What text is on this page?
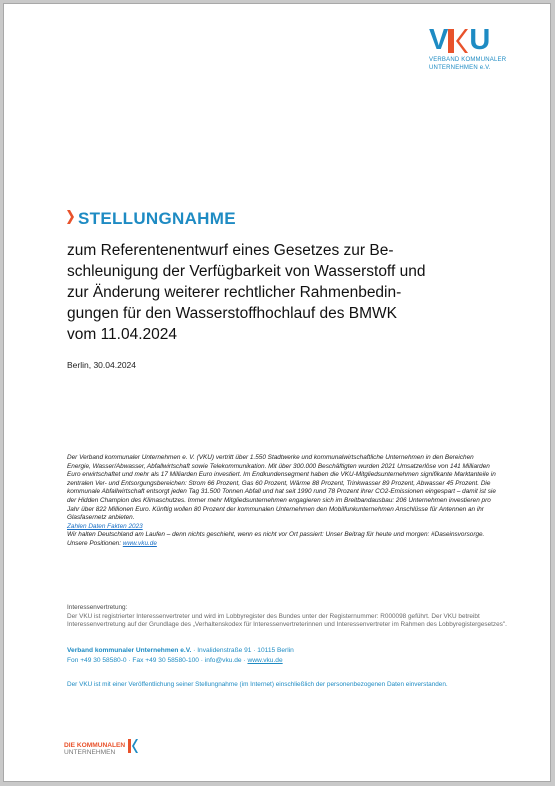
V U
VERBAND KOMMUNALER
UNTERNEHMEN e.V.
STELLUNGNAHME

zum Referentenentwurf eines Gesetzes zur Be-
schleunigung der Verfügbarkeit von Wasserstoff und
zur Änderung weiterer rechtlicher Rahmenbedin-
gungen für den Wasserstoffhochlauf des BMWK
vom 11.04.2024

Berlin, 30.04.2024

Der Verband kommunaler Unternehmen e. V. (VKU) vertritt über 1.550 Stadtwerke und kommunalwirtschaftliche Unternehmen in den Bereichen Energie, Wasser/Abwasser, Abfallwirtschaft sowie Telekommunikation. Mit über 300.000 Beschäftigten wurden 2021 Umsatzerlöse von 141 Milliarden Euro erwirtschaftet und mehr als 17 Milliarden Euro investiert. Im Endkundensegment haben die VKU-Mitgliedsunternehmen signifikante Marktanteile in zentralen Ver- und Entsorgungsbereichen: Strom 66 Prozent, Gas 60 Prozent, Wärme 88 Prozent, Trinkwasser 89 Prozent, Abwasser 45 Prozent. Die kommunale Abfallwirtschaft entsorgt jeden Tag 31.500 Tonnen Abfall und hat seit 1990 rund 78 Prozent ihrer CO2-Emissionen eingespart – damit ist sie der Hidden Champion des Klimaschutzes. Immer mehr Mitgliedsunternehmen engagieren sich im Breitbandausbau: 206 Unternehmen investieren pro Jahr über 822 Millionen Euro. Künftig wollen 80 Prozent der kommunalen Unternehmen den Mobilfunkunternehmen Anschlüsse für Antennen an ihr Glasfasernetz anbieten.

Zahlen Daten Fakten 2023

Wir halten Deutschland am Laufen – denn nichts geschieht, wenn es nicht vor Ort passiert: Unser Beitrag für heute und morgen: #Daseinsvorsorge. Unsere Positionen: www.vku.de

Interessenvertretung:

Der VKU ist registrierter Interessenvertreter und wird im Lobbyregister des Bundes unter der Registernummer: R000098 geführt. Der VKU betreibt Interessenvertretung auf der Grundlage des „Verhaltenskodex für Interessenvertreterinnen und Interessenvertreter im Rahmen des Lobbyregistergesetzes".

Verband kommunaler Unternehmen e.V. · Invalidenstraße 91 · 10115 Berlin
Fon +49 30 58580-0 · Fax +49 30 58580-100 · info@vku.de · www.vku.de
Der VKU ist mit einer Veröffentlichung seiner Stellungnahme (im Internet) einschließlich der personenbezogenen Daten einverstanden.
DIE KOMMUNALEN
UNTERNEHMEN
